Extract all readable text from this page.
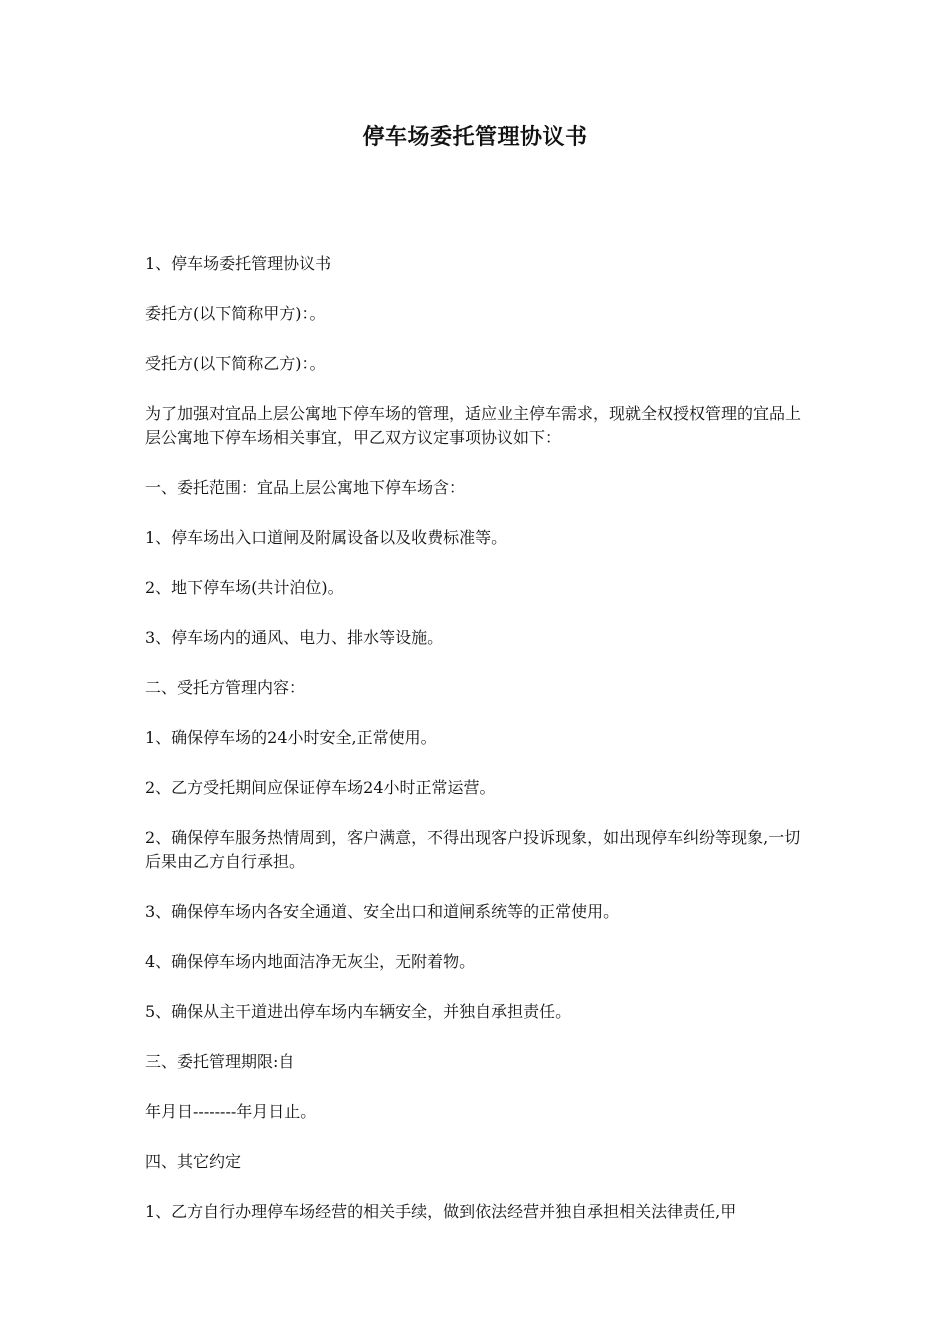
停车场委托管理协议书

1、停车场委托管理协议书

委托方(以下简称甲方)：。

受托方(以下简称乙方)：。

为了加强对宜品上层公寓地下停车场的管理，适应业主停车需求，现就全权授权管理的宜品上层公寓地下停车场相关事宜，甲乙双方议定事项协议如下：

一、委托范围：宜品上层公寓地下停车场含：

1、停车场出入口道闸及附属设备以及收费标准等。

2、地下停车场(共计泊位)。

3、停车场内的通风、电力、排水等设施。

二、受托方管理内容：

1、确保停车场的24小时安全,正常使用。

2、乙方受托期间应保证停车场24小时正常运营。

2、确保停车服务热情周到，客户满意，不得出现客户投诉现象，如出现停车纠纷等现象,一切后果由乙方自行承担。

3、确保停车场内各安全通道、安全出口和道闸系统等的正常使用。

4、确保停车场内地面洁净无灰尘，无附着物。

5、确保从主干道进出停车场内车辆安全，并独自承担责任。

三、委托管理期限:自

年月日--------年月日止。

四、其它约定

1、乙方自行办理停车场经营的相关手续，做到依法经营并独自承担相关法律责任,甲
